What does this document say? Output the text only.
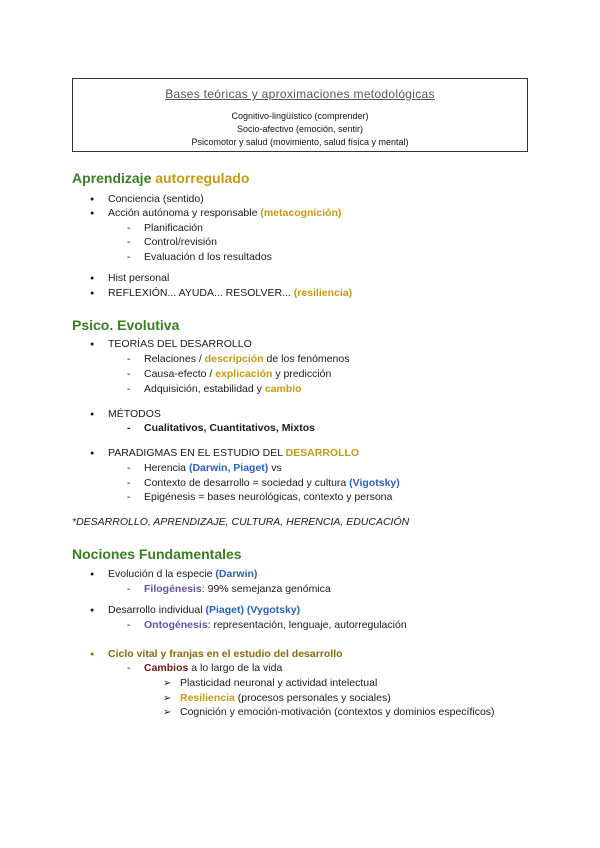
Bases teóricas y aproximaciones metodológicas
Cognitivo-lingüístico (comprender)
Socio-afectivo (emoción, sentir)
Psicomotor y salud (movimiento, salud física y mental)
Aprendizaje autorregulado
● Conciencia (sentido)
● Acción autónoma y responsable (metacognición)
- Planificación
- Control/revisión
- Evaluación d los resultados
● Hist personal
● REFLEXIÓN... AYUDA... RESOLVER... (resiliencia)
Psico. Evolutiva
● TEORÍAS DEL DESARROLLO
- Relaciones / descripción de los fenómenos
- Causa-efecto / explicación y predicción
- Adquisición, estabilidad y cambio
● MÉTODOS
- Cualitativos, Cuantitativos, Mixtos
● PARADIGMAS EN EL ESTUDIO DEL DESARROLLO
- Herencia (Darwin, Piaget) vs
- Contexto de desarrollo = sociedad y cultura (Vigotsky)
- Epigénesis = bases neurológicas, contexto y persona
*DESARROLLO, APRENDIZAJE, CULTURA, HERENCIA, EDUCACIÓN
Nociones Fundamentales
● Evolución d la especie (Darwin)
- Filogénesis: 99% semejanza genómica
● Desarrollo individual (Piaget) (Vygotsky)
- Ontogénesis: representación, lenguaje, autorregulación
● Ciclo vital y franjas en el estudio del desarrollo
- Cambios a lo largo de la vida
➢ Plasticidad neuronal y actividad intelectual
➢ Resiliencia (procesos personales y sociales)
➢ Cognición y emoción-motivación (contextos y dominios específicos)
